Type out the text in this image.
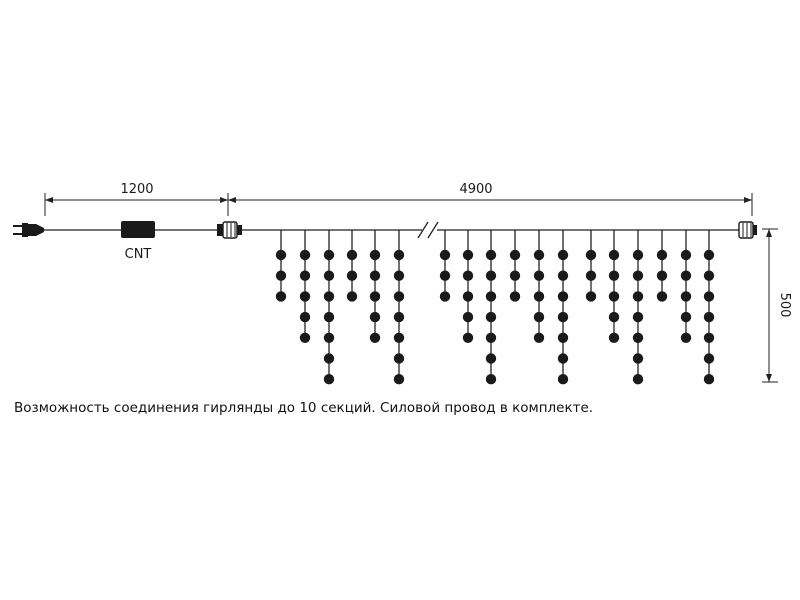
1200	4900
500
CNT
Возможность соединения гирлянды до 10 секций. Силовой провод в комплекте.
